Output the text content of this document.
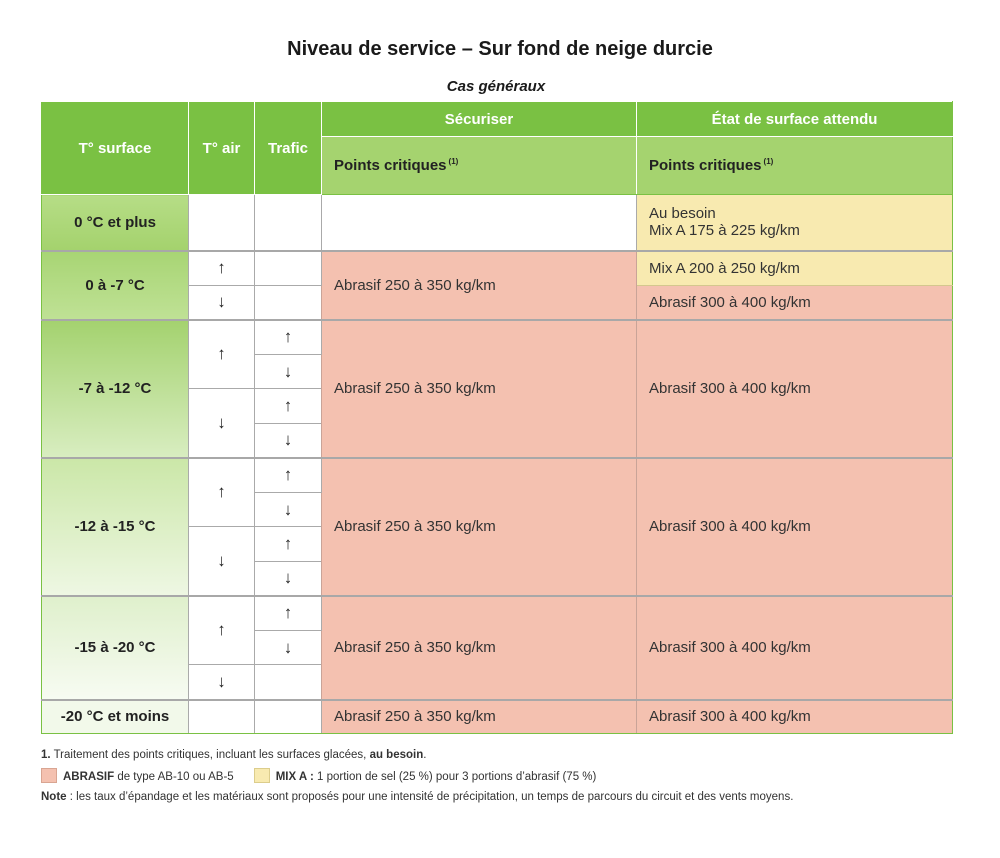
Niveau de service – Sur fond de neige durcie
Cas généraux
T° surface	T° air	Trafic	Sécuriser	État de surface attendu
			Points critiques $^{(1)}$	Points critiques $^{(1)}$
0 °C et plus				Au besoin
Mix A 175 à 225 kg/km

0 à -7 °C	↑		Abrasif 250 à 350 kg/km	Mix A 200 à 250 kg/km
	↓			Abrasif 300 à 400 kg/km
-7 à -12 °C	↑	↑	Abrasif 250 à 350 kg/km	Abrasif 300 à 400 kg/km
		↓		
	↓	↑		
		↓		
-12 à -15 °C	↑	↑	Abrasif 250 à 350 kg/km	Abrasif 300 à 400 kg/km
		↓		
	↓	↑		
		↓		
-15 à -20 °C	↑	↑	Abrasif 250 à 350 kg/km	Abrasif 300 à 400 kg/km
		↓		
	↓			
-20 °C et moins			Abrasif 250 à 350 kg/km	Abrasif 300 à 400 kg/km
1. Traitement des points critiques, incluant les surfaces glacées, au besoin.
ABRASIF de type AB-10 ou AB-5	MIX A : 1 portion de sel (25 %) pour 3 portions d’abrasif (75 %)
Note : les taux d’épandage et les matériaux sont proposés pour une intensité de précipitation, un temps de parcours du circuit et des vents moyens.
